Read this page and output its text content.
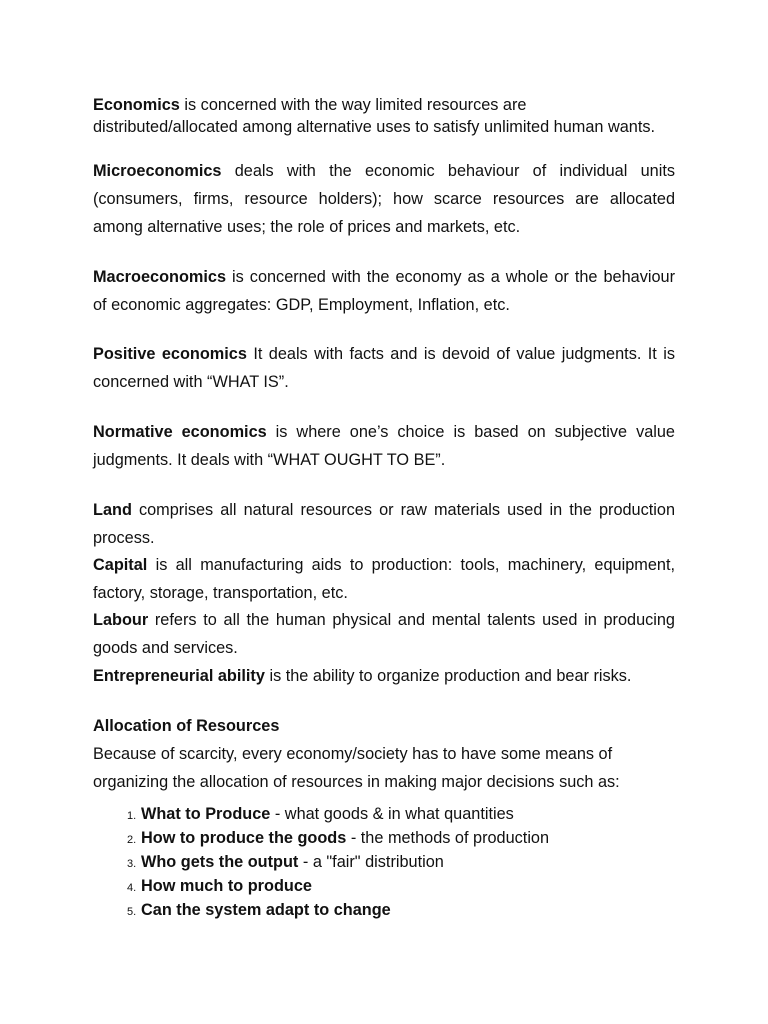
Economics is concerned with the way limited resources are distributed/allocated among alternative uses to satisfy unlimited human wants.

Microeconomics deals with the economic behaviour of individual units (consumers, firms, resource holders); how scarce resources are allocated among alternative uses; the role of prices and markets, etc.

Macroeconomics is concerned with the economy as a whole or the behaviour of economic aggregates: GDP, Employment, Inflation, etc.

Positive economics It deals with facts and is devoid of value judgments. It is concerned with “WHAT IS”.

Normative economics is where one’s choice is based on subjective value judgments. It deals with “WHAT OUGHT TO BE”.

Land comprises all natural resources or raw materials used in the production process.

Capital is all manufacturing aids to production: tools, machinery, equipment, factory, storage, transportation, etc.

Labour refers to all the human physical and mental talents used in producing goods and services.

Entrepreneurial ability is the ability to organize production and bear risks.

Allocation of Resources

Because of scarcity, every economy/society has to have some means of organizing the allocation of resources in making major decisions such as:

1. What to Produce - what goods & in what quantities
2. How to produce the goods - the methods of production
3. Who gets the output - a "fair" distribution
4. How much to produce
5. Can the system adapt to change
